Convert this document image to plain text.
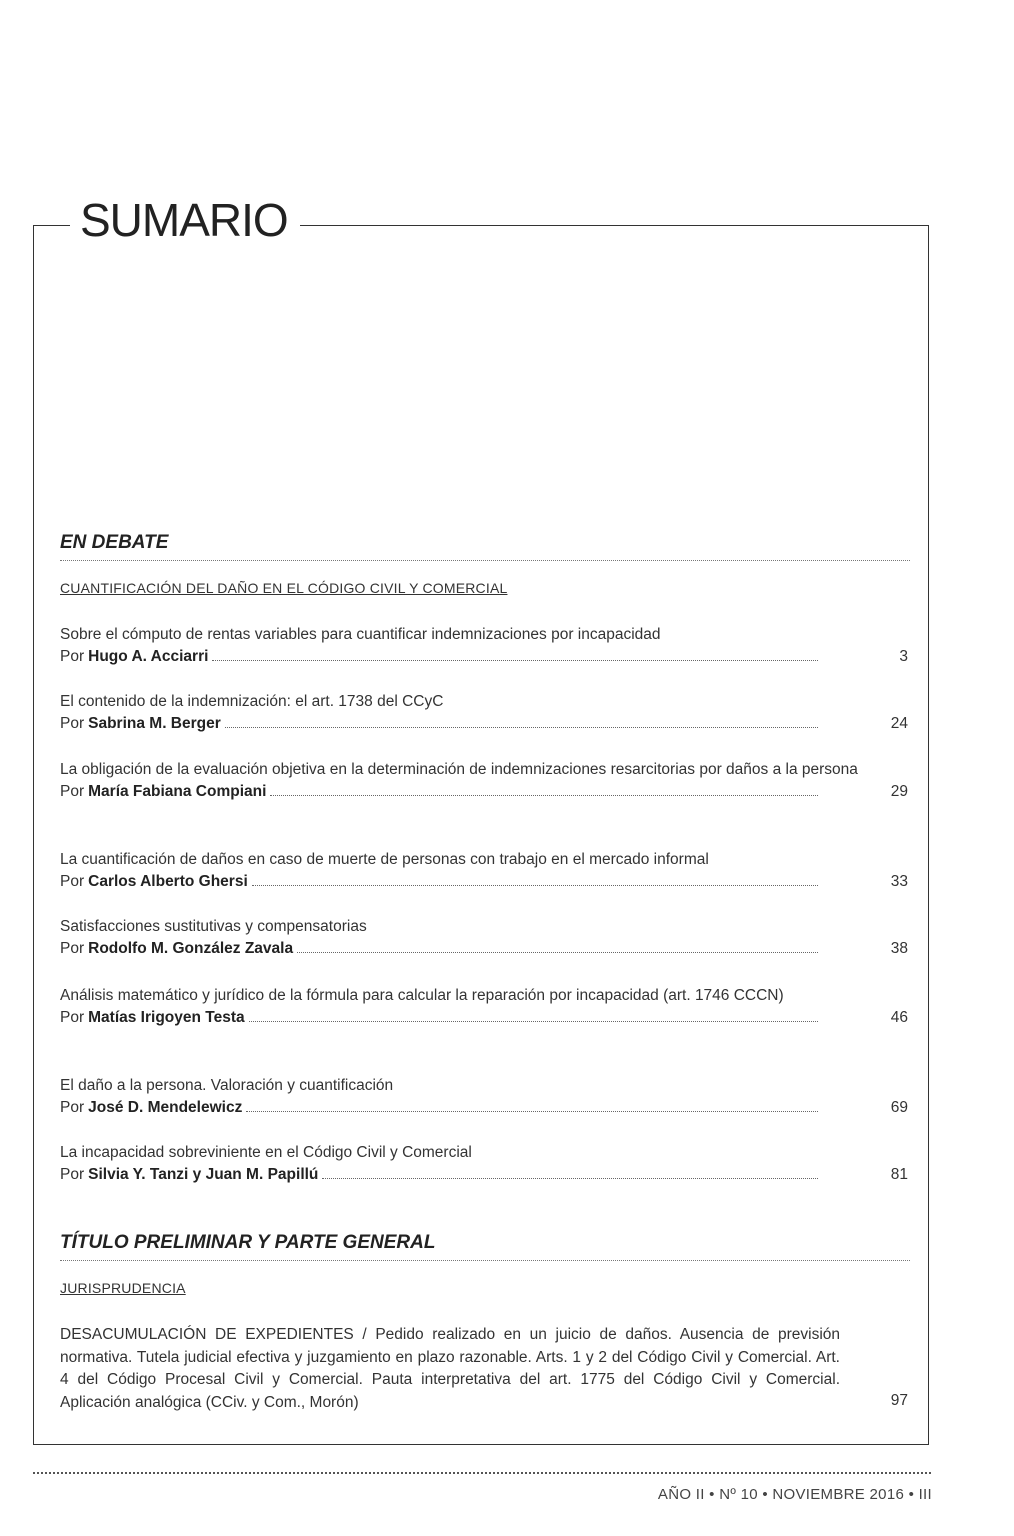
SUMARIO
EN DEBATE
CUANTIFICACIÓN DEL DAÑO EN EL CÓDIGO CIVIL Y COMERCIAL
Sobre el cómputo de rentas variables para cuantificar indemnizaciones por incapacidad
Por Hugo A. Acciarri	3
El contenido de la indemnización: el art. 1738 del CCyC
Por Sabrina M. Berger	24
La obligación de la evaluación objetiva en la determinación de indemnizaciones resarcitorias por daños a la persona
Por María Fabiana Compiani	29
La cuantificación de daños en caso de muerte de personas con trabajo en el mercado informal
Por Carlos Alberto Ghersi	33
Satisfacciones sustitutivas y compensatorias
Por Rodolfo M. González Zavala	38
Análisis matemático y jurídico de la fórmula para calcular la reparación por incapacidad (art. 1746 CCCN)
Por Matías Irigoyen Testa	46
El daño a la persona. Valoración y cuantificación
Por José D. Mendelewicz	69
La incapacidad sobreviniente en el Código Civil y Comercial
Por Silvia Y. Tanzi y Juan M. Papillú	81
TÍTULO PRELIMINAR Y PARTE GENERAL
JURISPRUDENCIA
DESACUMULACIÓN DE EXPEDIENTES / Pedido realizado en un juicio de daños. Ausencia de previsión normativa. Tutela judicial efectiva y juzgamiento en plazo razonable. Arts. 1 y 2 del Código Civil y Comercial. Art. 4 del Código Procesal Civil y Comercial. Pauta interpretativa del art. 1775 del Código Civil y Comercial. Aplicación analógica (CCiv. y Com., Morón)	97
AÑO II • Nº 10 • NOVIEMBRE 2016 • III
